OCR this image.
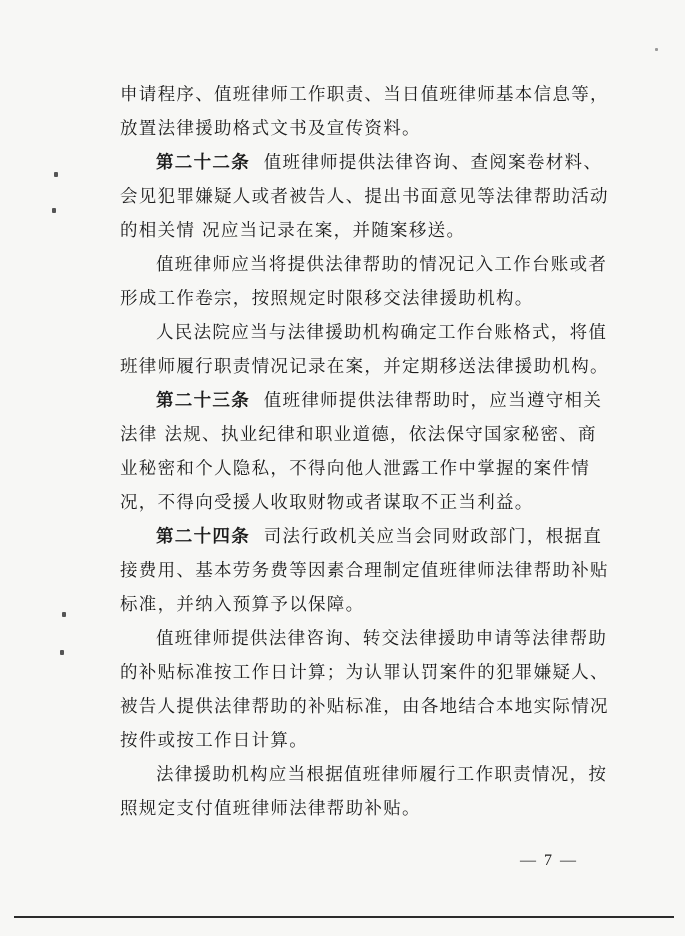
申请程序、值班律师工作职责、当日值班律师基本信息等，
放置法律援助格式文书及宣传资料。
第二十二条 值班律师提供法律咨询、查阅案卷材料、
会见犯罪嫌疑人或者被告人、提出书面意见等法律帮助活动
的相关情 况应当记录在案，并随案移送。
值班律师应当将提供法律帮助的情况记入工作台账或者
形成工作卷宗，按照规定时限移交法律援助机构。
人民法院应当与法律援助机构确定工作台账格式，将值
班律师履行职责情况记录在案，并定期移送法律援助机构。
第二十三条 值班律师提供法律帮助时，应当遵守相关
法律 法规、执业纪律和职业道德，依法保守国家秘密、商
业秘密和个人隐私，不得向他人泄露工作中掌握的案件情
况，不得向受援人收取财物或者谋取不正当利益。
第二十四条 司法行政机关应当会同财政部门，根据直
接费用、基本劳务费等因素合理制定值班律师法律帮助补贴
标准，并纳入预算予以保障。
值班律师提供法律咨询、转交法律援助申请等法律帮助
的补贴标准按工作日计算；为认罪认罚案件的犯罪嫌疑人、
被告人提供法律帮助的补贴标准，由各地结合本地实际情况
按件或按工作日计算。
法律援助机构应当根据值班律师履行工作职责情况，按
照规定支付值班律师法律帮助补贴。
— 7 —
